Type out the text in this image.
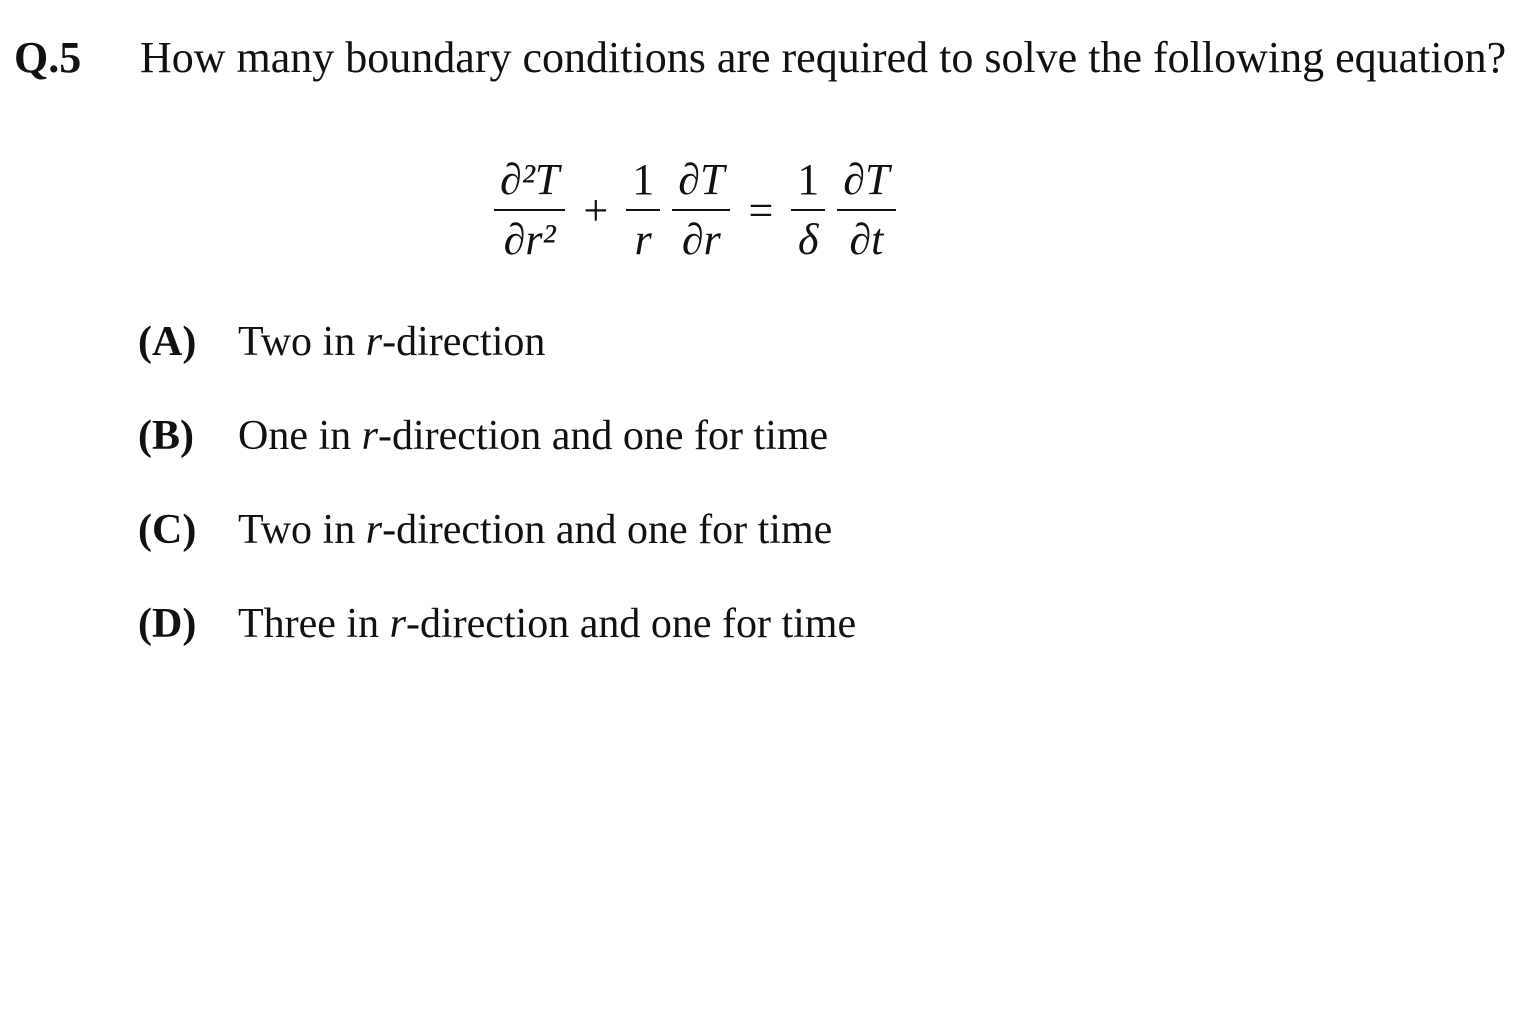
Q.5	How many boundary conditions are required to solve the following equation?
$\frac{\text{∂²T}}{\text{∂r²}} + \frac{1}{r} \frac{\partial T}{\partial r} = \frac{1}{\delta} \frac{\partial T}{\partial t}$
(A) Two in r-direction
(B)	One in r-direction and one for time
(C) Two in r-direction and one for time
(D) Three in r-direction and one for time
